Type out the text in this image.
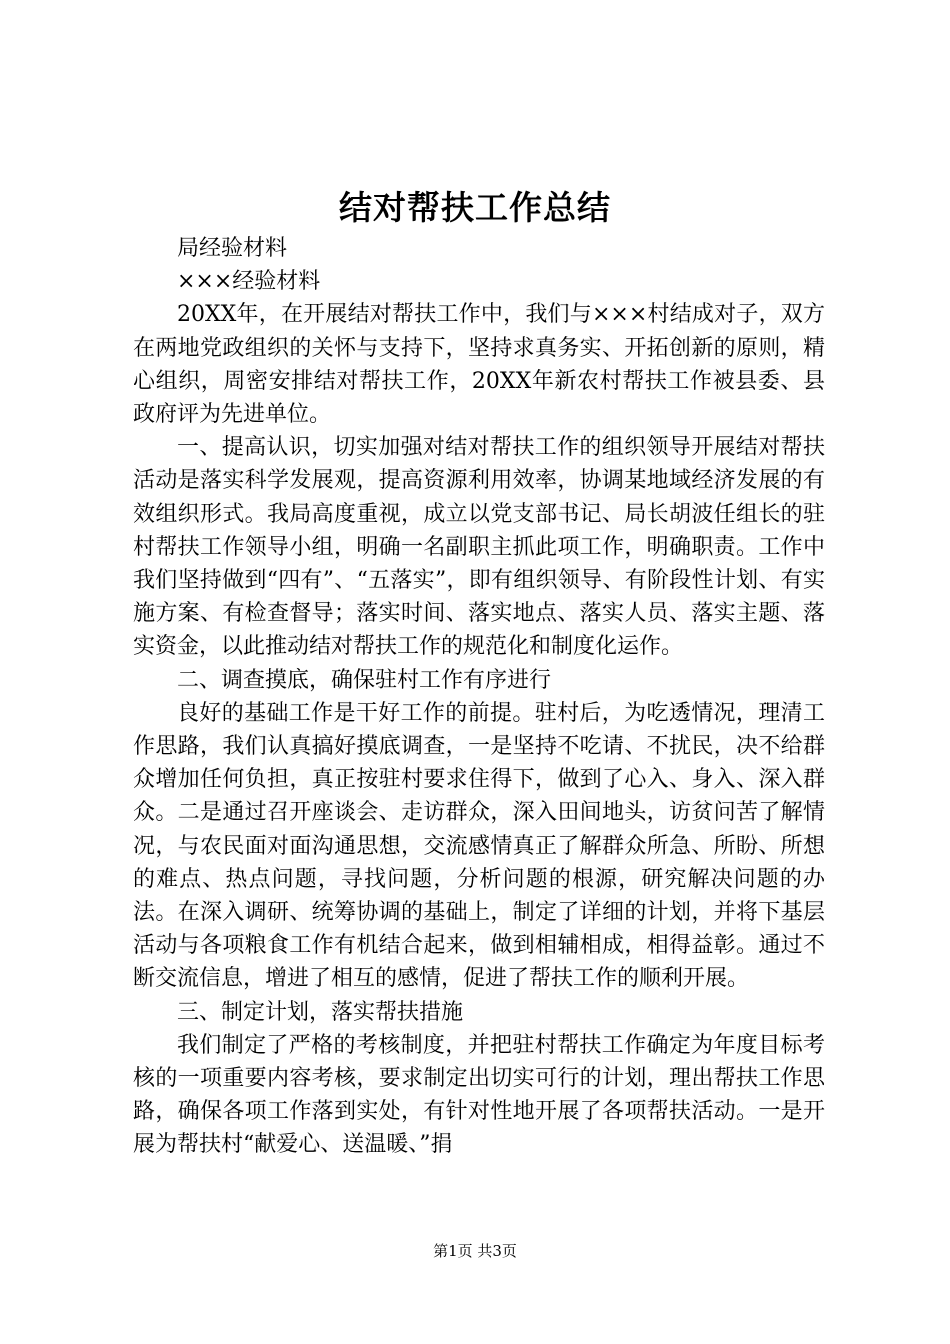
结对帮扶工作总结

局经验材料

×××经验材料

20XX年，在开展结对帮扶工作中，我们与×××村结成对子，双方在两地党政组织的关怀与支持下，坚持求真务实、开拓创新的原则，精心组织，周密安排结对帮扶工作，20XX年新农村帮扶工作被县委、县政府评为先进单位。

一、提高认识，切实加强对结对帮扶工作的组织领导开展结对帮扶活动是落实科学发展观，提高资源利用效率，协调某地域经济发展的有效组织形式。我局高度重视，成立以党支部书记、局长胡波任组长的驻村帮扶工作领导小组，明确一名副职主抓此项工作，明确职责。工作中我们坚持做到“四有”、“五落实”，即有组织领导、有阶段性计划、有实施方案、有检查督导；落实时间、落实地点、落实人员、落实主题、落实资金，以此推动结对帮扶工作的规范化和制度化运作。

二、调查摸底，确保驻村工作有序进行

良好的基础工作是干好工作的前提。驻村后，为吃透情况，理清工作思路，我们认真搞好摸底调查，一是坚持不吃请、不扰民，决不给群众增加任何负担，真正按驻村要求住得下，做到了心入、身入、深入群众。二是通过召开座谈会、走访群众，深入田间地头，访贫问苦了解情况，与农民面对面沟通思想，交流感情真正了解群众所急、所盼、所想的难点、热点问题，寻找问题，分析问题的根源，研究解决问题的办法。在深入调研、统筹协调的基础上，制定了详细的计划，并将下基层活动与各项粮食工作有机结合起来，做到相辅相成，相得益彰。通过不断交流信息，增进了相互的感情，促进了帮扶工作的顺利开展。

三、制定计划，落实帮扶措施

我们制定了严格的考核制度，并把驻村帮扶工作确定为年度目标考核的一项重要内容考核，要求制定出切实可行的计划，理出帮扶工作思路，确保各项工作落到实处，有针对性地开展了各项帮扶活动。一是开展为帮扶村“献爱心、送温暖、”捐

第1页 共3页
